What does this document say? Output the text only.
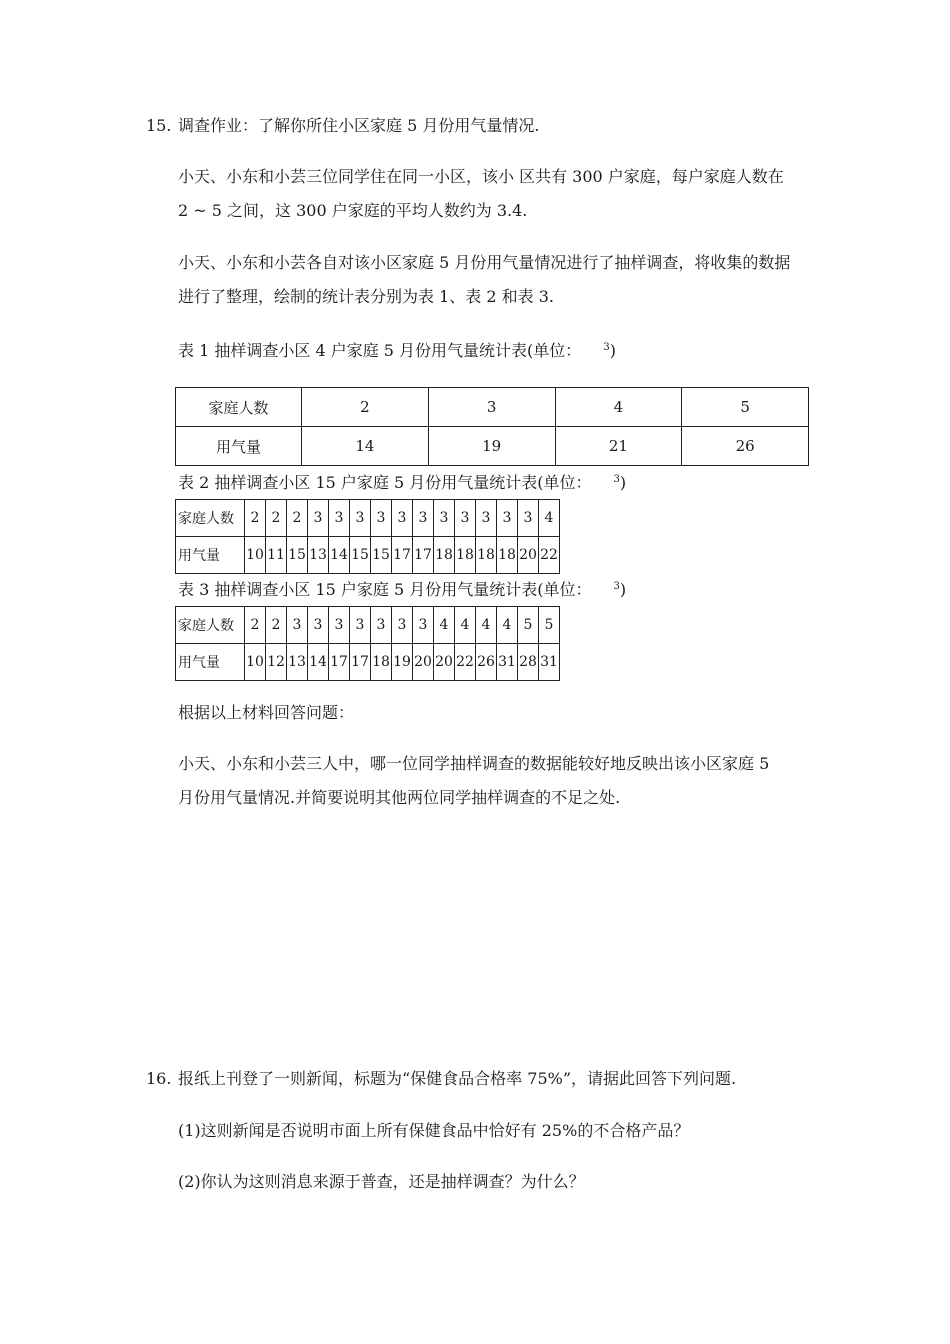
15. 调查作业：了解你所住小区家庭 5 月份用气量情况.
小天、小东和小芸三位同学住在同一小区，该小 区共有 300 户家庭，每户家庭人数在
2 ~ 5 之间，这 300 户家庭的平均人数约为 3.4.
小天、小东和小芸各自对该小区家庭 5 月份用气量情况进行了抽样调查，将收集的数据
进行了整理，绘制的统计表分别为表 1、表 2 和表 3.
表 1 抽样调查小区 4 户家庭 5 月份用气量统计表(单位： $^3$)
家庭人数	2	3	4	5
用气量	14	19	21	26
表 2 抽样调查小区 15 户家庭 5 月份用气量统计表(单位： $^3$)
家庭人数	2	2	2	3	3	3	3	3	3	3	3	3	3	3	4
用气量	10	11	15	13	14	15	15	17	17	18	18	18	18	20	22
表 3 抽样调查小区 15 户家庭 5 月份用气量统计表(单位： $^3$)
家庭人数	2	2	3	3	3	3	3	3	3	4	4	4	4	5	5
用气量	10	12	13	14	17	17	18	19	20	20	22	26	31	28	31
根据以上材料回答问题：
小天、小东和小芸三人中，哪一位同学抽样调查的数据能较好地反映出该小区家庭 5
月份用气量情况.并简要说明其他两位同学抽样调查的不足之处.
16. 报纸上刊登了一则新闻，标题为“保健食品合格率 75%”，请据此回答下列问题.
(1)这则新闻是否说明市面上所有保健食品中恰好有 25%的不合格产品？
(2)你认为这则消息来源于普查，还是抽样调查？为什么？
